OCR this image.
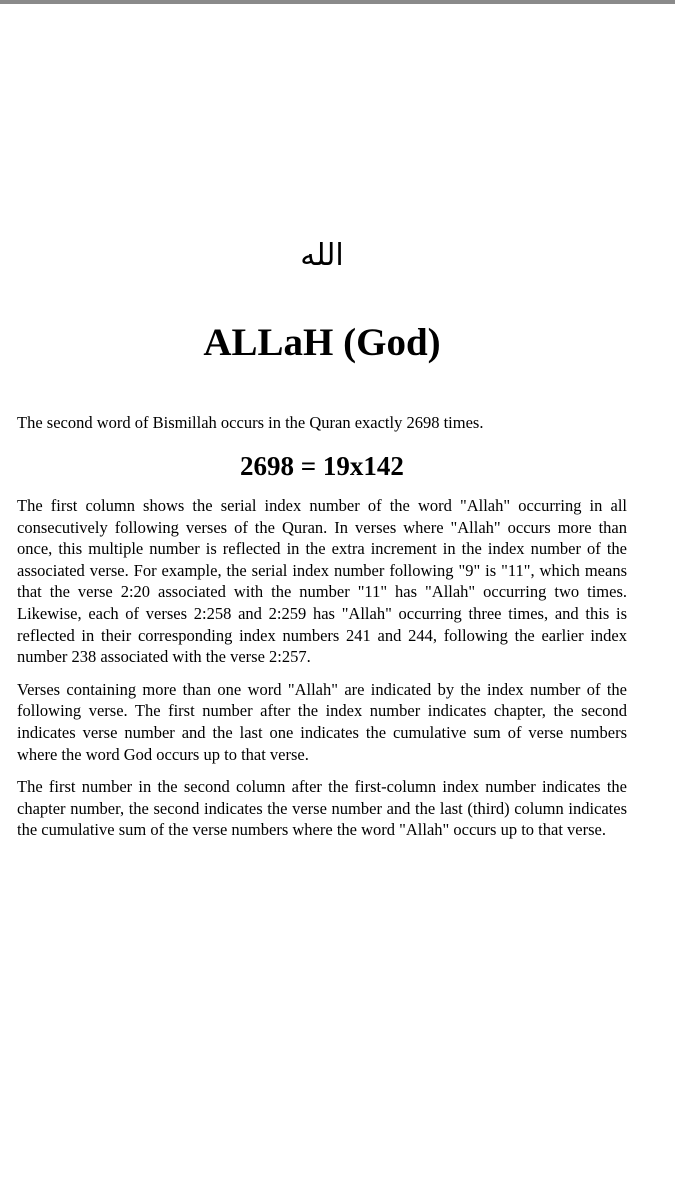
الله
ALLaH (God)
The second word of Bismillah occurs in the Quran exactly 2698 times.
2698 = 19x142

The first column shows the serial index number of the word "Allah" occurring in all consecutively following verses of the Quran. In verses where "Allah" occurs more than once, this multiple number is reflected in the extra increment in the index number of the associated verse. For example, the serial index number following "9" is "11", which means that the verse 2:20 associated with the number "11" has "Allah" occurring two times. Likewise, each of verses 2:258 and 2:259 has "Allah" occurring three times, and this is reflected in their corresponding index numbers 241 and 244, following the earlier index number 238 associated with the verse 2:257.

Verses containing more than one word "Allah" are indicated by the index number of the following verse. The first number after the index number indicates chapter, the second indicates verse number and the last one indicates the cumulative sum of verse numbers where the word God occurs up to that verse.

The first number in the second column after the first-column index number indicates the chapter number, the second indicates the verse number and the last (third) column indicates the cumulative sum of the verse numbers where the word "Allah" occurs up to that verse.
